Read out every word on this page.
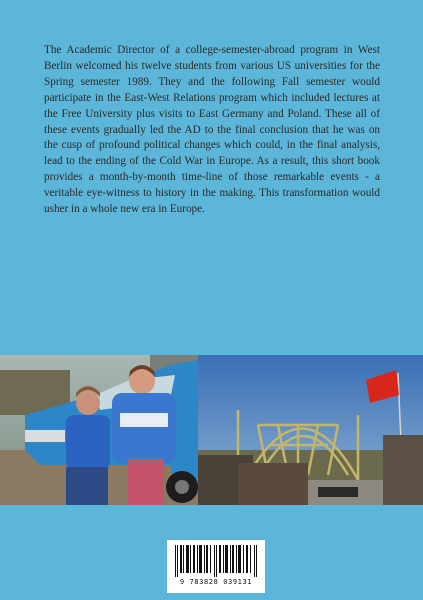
The Academic Director of a college-semester-abroad program in West Berlin welcomed his twelve students from various US universities for the Spring semester 1989. They and the following Fall semester would participate in the East-West Relations program which included lectures at the Free University plus visits to East Germany and Poland. These all of these events gradually led the AD to the final conclusion that he was on the cusp of profound political changes which could, in the final analysis, lead to the ending of the Cold War in Europe. As a result, this short book provides a month-by-month time-line of those remarkable events - a veritable eye-witness to history in the making. This transformation would usher in a whole new era in Europe.

9 783828 039131
